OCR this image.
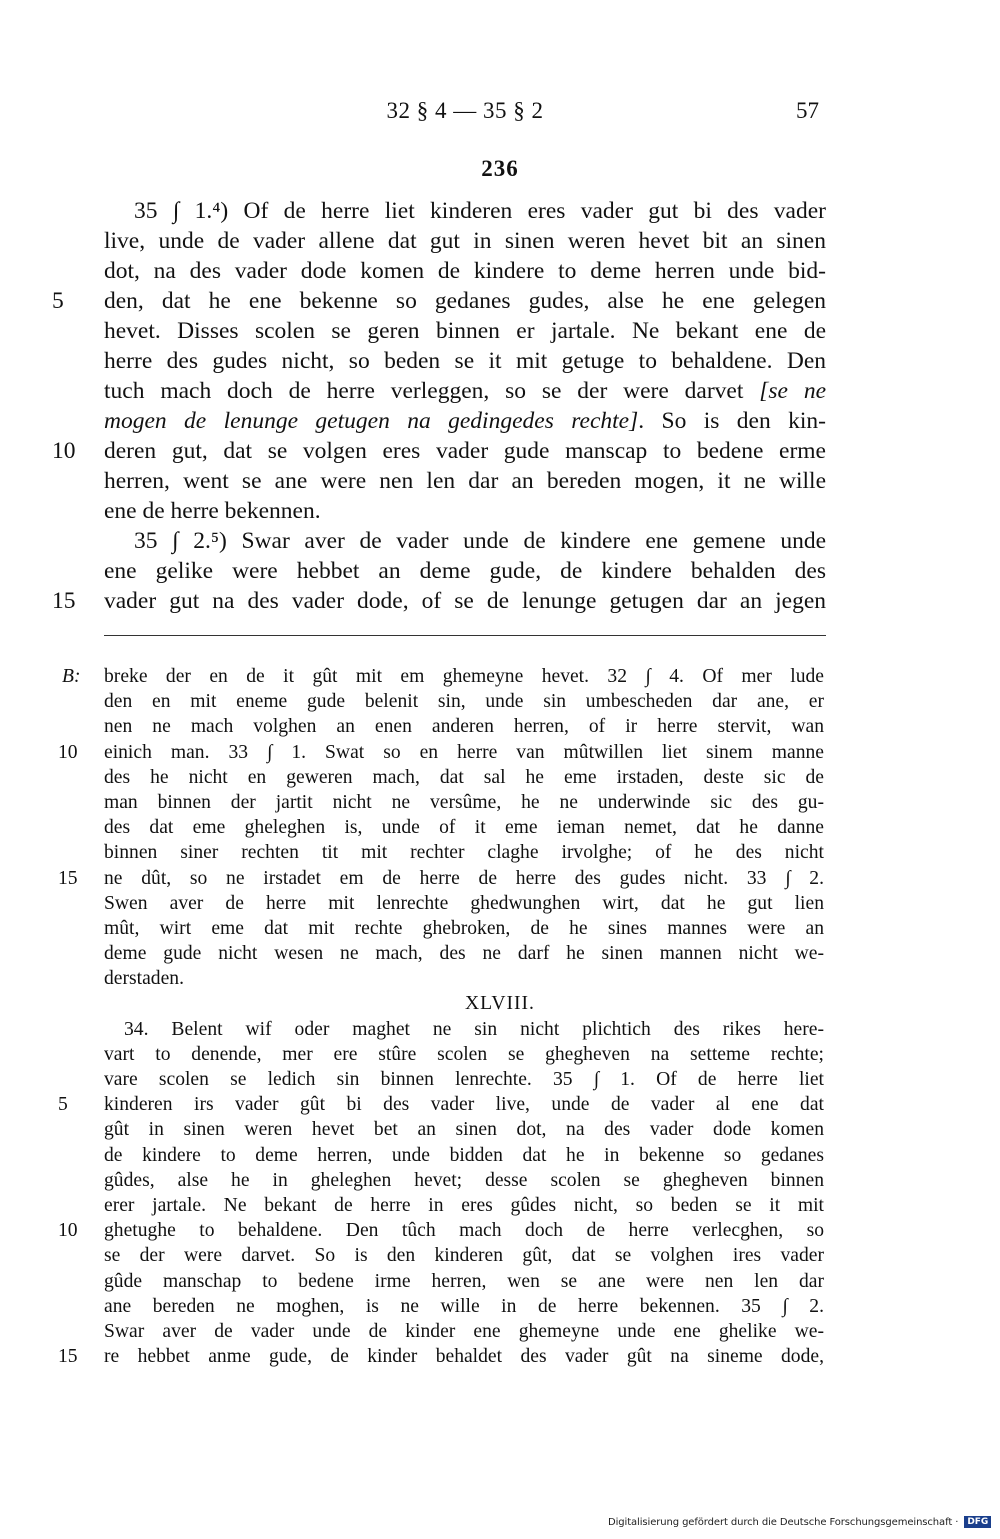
32 § 4 — 35 § 2	57
236
35 ∫ 1.⁴) Of de herre liet kinderen eres vader gut bi des vader
live, unde de vader allene dat gut in sinen weren hevet bit an sinen
dot, na des vader dode komen de kindere to deme herren unde bid-
5	den, dat he ene bekenne so gedanes gudes, alse he ene gelegen
hevet. Disses scolen se geren binnen er jartale. Ne bekant ene de
herre des gudes nicht, so beden se it mit getuge to behaldene. Den
tuch mach doch de herre verleggen, so se der were darvet [se ne
mogen de lenunge getugen na gedingedes rechte]. So is den kin-
10 deren gut, dat se volgen eres vader gude manscap to bedene erme
herren, went se ane were nen len dar an bereden mogen, it ne wille
ene de herre bekennen.
35 ∫ 2.⁵) Swar aver de vader unde de kindere ene gemene unde
ene gelike were hebbet an deme gude, de kindere behalden des
15 vader gut na des vader dode, of se de lenunge getugen dar an jegen
B: breke der en de it gût mit em ghemeyne hevet. 32 ∫ 4. Of mer lude
den en mit eneme gude belenit sin, unde sin umbescheden dar ane, er
nen ne mach volghen an enen anderen herren, of ir herre stervit, wan
10	einich man. 33 ∫ 1. Swat so en herre van mûtwillen liet sinem manne
des he nicht en geweren mach, dat sal he eme irstaden, deste sic de
man binnen der jartit nicht ne versûme, he ne underwinde sic des gu-
des dat eme gheleghen is, unde of it eme ieman nemet, dat he danne
binnen siner rechten tit mit rechter claghe irvolghe; of he des nicht
15	ne dût, so ne irstadet em de herre de herre des gudes nicht. 33 ∫ 2.
Swen aver de herre mit lenrechte ghedwunghen wirt, dat he gut lien
mût, wirt eme dat mit rechte ghebroken, de he sines mannes were an
deme gude nicht wesen ne mach, des ne darf he sinen mannen nicht we-
derstaden.
XLVIII.
34. Belent wif oder maghet ne sin nicht plichtich des rikes here-
vart to denende, mer ere stûre scolen se ghegheven na setteme rechte;
vare scolen se ledich sin binnen lenrechte. 35 ∫ 1. Of de herre liet
5	kinderen irs vader gût bi des vader live, unde de vader al ene dat
gût in sinen weren hevet bet an sinen dot, na des vader dode komen
de kindere to deme herren, unde bidden dat he in bekenne so gedanes
gûdes, alse he in gheleghen hevet; desse scolen se ghegheven binnen
erer jartale. Ne bekant de herre in eres gûdes nicht, so beden se it mit
10	ghetughe to behaldene. Den tûch mach doch de herre verlecghen, so
se der were darvet. So is den kinderen gût, dat se volghen ires vader
gûde manschap to bedene irme herren, wen se ane were nen len dar
ane bereden ne moghen, is ne wille in de herre bekennen. 35 ∫ 2.
Swar aver de vader unde de kinder ene ghemeyne unde ene ghelike we-
15	re hebbet anme gude, de kinder behaldet des vader gût na sineme dode,
Digitalisierung gefördert durch die Deutsche Forschungsgemeinschaft · DFG
